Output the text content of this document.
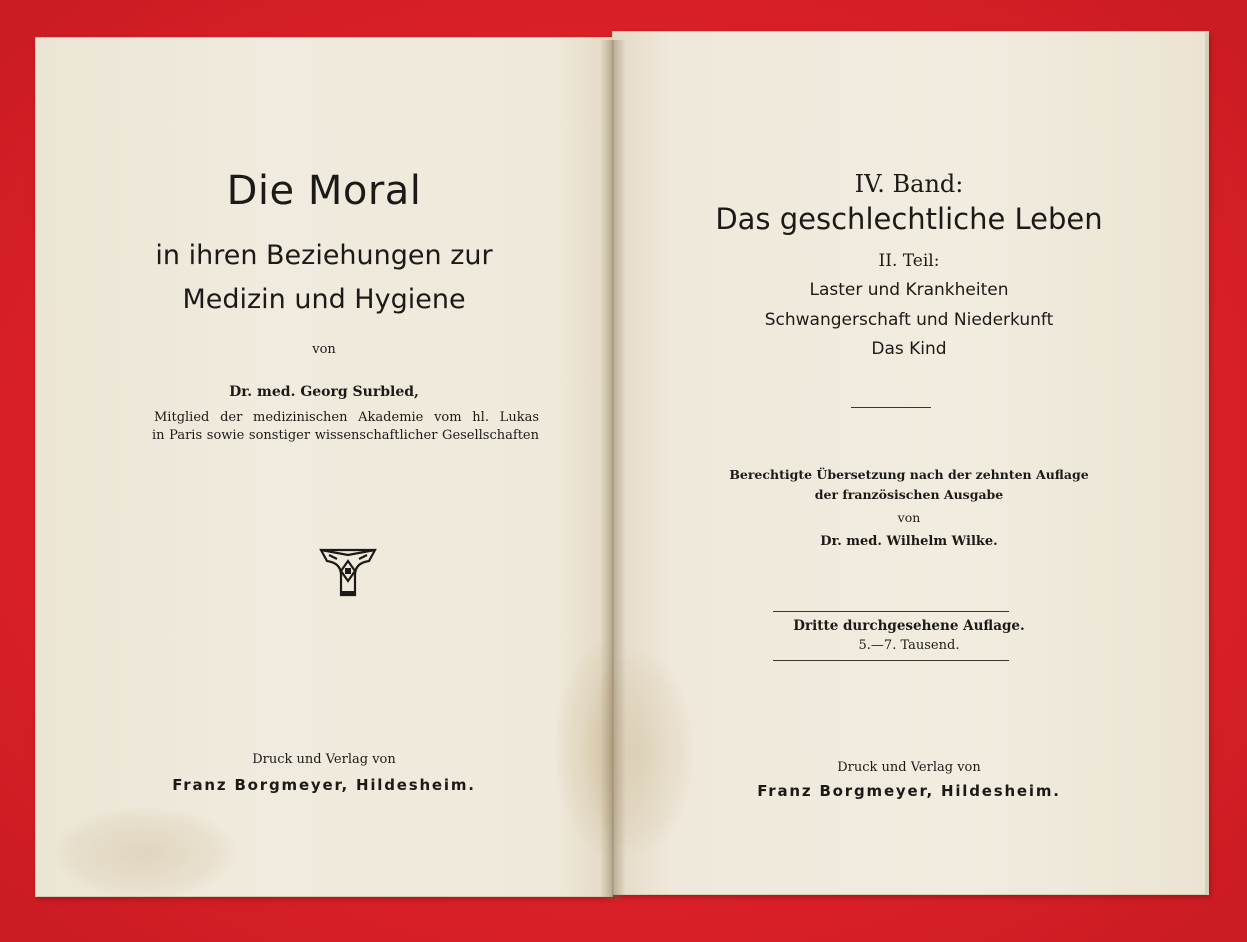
Die Moral
in ihren Beziehungen zur
Medizin und Hygiene
von
Dr. med. Georg Surbled,
Mitglied der medizinischen Akademie vom hl. Lukas
in Paris sowie sonstiger wissenschaftlicher Gesellschaften
Druck und Verlag von
Franz Borgmeyer, Hildesheim.
IV. Band:
Das geschlechtliche Leben
II. Teil:
Laster und Krankheiten
Schwangerschaft und Niederkunft
Das Kind
Berechtigte Übersetzung nach der zehnten Auflage
der französischen Ausgabe
von
Dr. med. Wilhelm Wilke.
Dritte durchgesehene Auflage.
5.—7. Tausend.
Druck und Verlag von
Franz Borgmeyer, Hildesheim.
